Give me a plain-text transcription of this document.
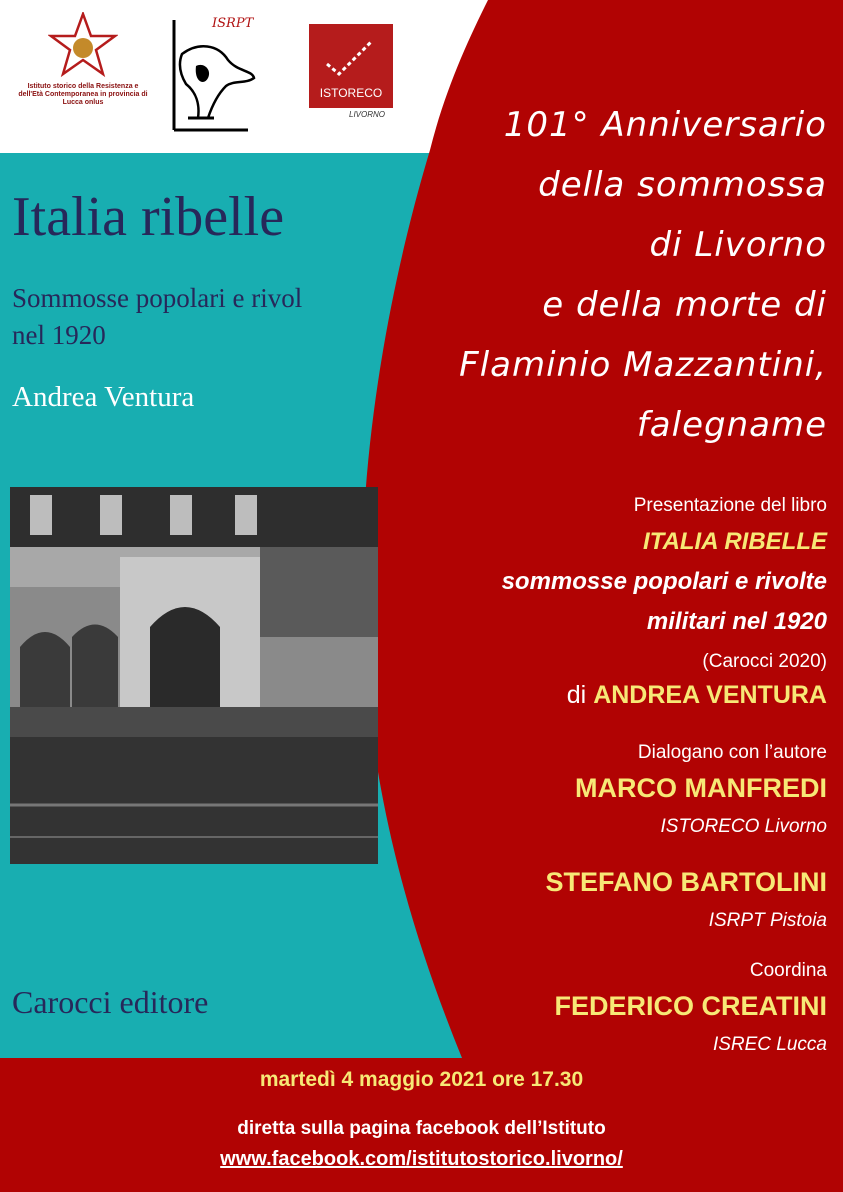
Istituto storico della Resistenza e dell'Età Contemporanea in provincia di Lucca onlus
ISRPT
ISTORECO
LIVORNO
Italia ribelle
Sommosse popolari e rivol
nel 1920
Andrea Ventura
Carocci editore
101° Anniversario
della sommossa
di Livorno
e della morte di
Flaminio Mazzantini,
falegname
Presentazione del libro
ITALIA RIBELLE
sommosse popolari e rivolte
militari nel 1920
(Carocci 2020)
di ANDREA VENTURA
Dialogano con l’autore
MARCO MANFREDI
ISTORECO Livorno
STEFANO BARTOLINI
ISRPT Pistoia
Coordina
FEDERICO CREATINI
ISREC Lucca
martedì 4 maggio 2021 ore 17.30
diretta sulla pagina facebook dell’Istituto
www.facebook.com/istitutostorico.livorno/
